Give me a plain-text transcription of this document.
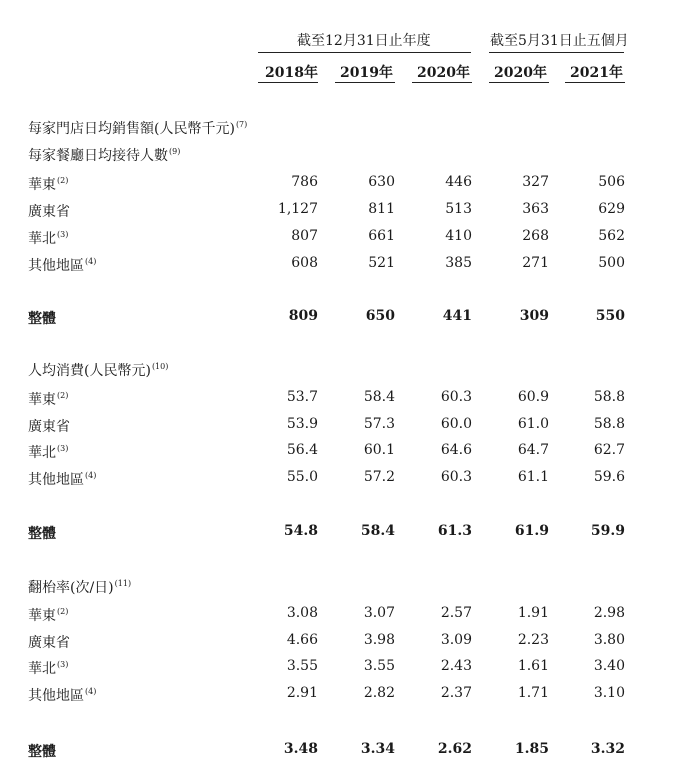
截至12月31日止年度	截至5月31日止五個月
2018年	2019年	2020年	2020年	2021年
每家門店日均銷售額(人民幣千元)$^{(7)}$
每家餐廳日均接待人數$^{(9)}$
華東$^{(2)}$	786	630	446	327	506
廣東省	1,127	811	513	363	629
華北$^{(3)}$	807	661	410	268	562
其他地區$^{(4)}$	608	521	385	271	500
整體	809	650	441	309	550
人均消費(人民幣元)$^{(10)}$
華東$^{(2)}$	53.7	58.4	60.3	60.9	58.8
廣東省	53.9	57.3	60.0	61.0	58.8
華北$^{(3)}$	56.4	60.1	64.6	64.7	62.7
其他地區$^{(4)}$	55.0	57.2	60.3	61.1	59.6
整體	54.8	58.4	61.3	61.9	59.9
翻枱率(次/日)$^{(11)}$
華東$^{(2)}$	3.08	3.07	2.57	1.91	2.98
廣東省	4.66	3.98	3.09	2.23	3.80
華北$^{(3)}$	3.55	3.55	2.43	1.61	3.40
其他地區$^{(4)}$	2.91	2.82	2.37	1.71	3.10
整體	3.48	3.34	2.62	1.85	3.32
